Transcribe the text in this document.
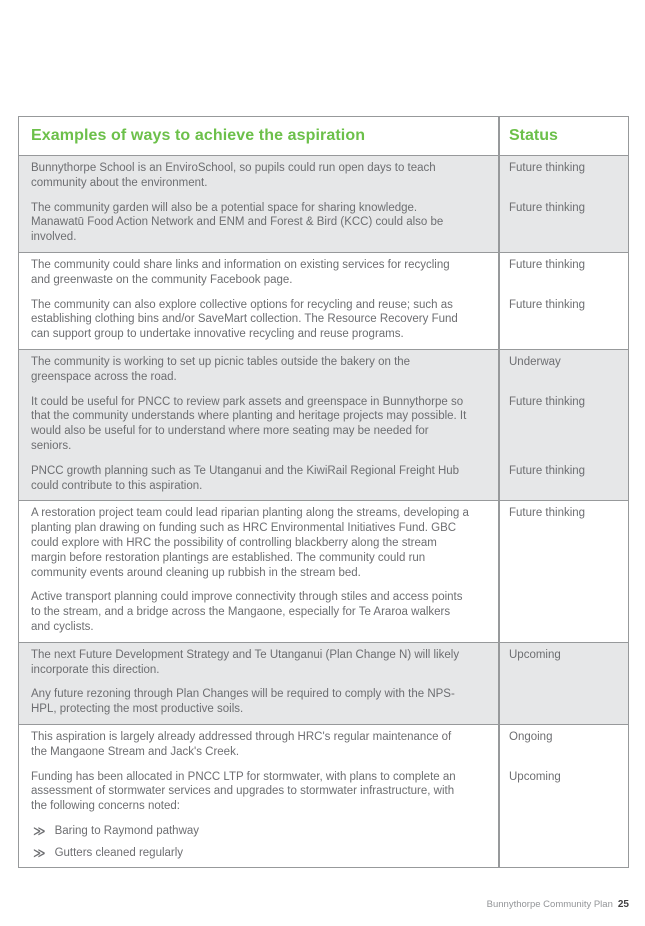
Examples of ways to achieve the aspiration	Status
Bunnythorpe School is an EnviroSchool, so pupils could run open days to teach community about the environment.
Future thinking
The community garden will also be a potential space for sharing knowledge. Manawatū Food Action Network and ENM and Forest & Bird (KCC) could also be involved.
Future thinking
The community could share links and information on existing services for recycling and greenwaste on the community Facebook page.
Future thinking
The community can also explore collective options for recycling and reuse; such as establishing clothing bins and/or SaveMart collection. The Resource Recovery Fund can support group to undertake innovative recycling and reuse programs.
Future thinking
The community is working to set up picnic tables outside the bakery on the greenspace across the road.
Underway
It could be useful for PNCC to review park assets and greenspace in Bunnythorpe so that the community understands where planting and heritage projects may possible. It would also be useful for to understand where more seating may be needed for seniors.
Future thinking
PNCC growth planning such as Te Utanganui and the KiwiRail Regional Freight Hub could contribute to this aspiration.
Future thinking
A restoration project team could lead riparian planting along the streams, developing a planting plan drawing on funding such as HRC Environmental Initiatives Fund. GBC could explore with HRC the possibility of controlling blackberry along the stream margin before restoration plantings are established. The community could run community events around cleaning up rubbish in the stream bed.
Future thinking
Active transport planning could improve connectivity through stiles and access points to the stream, and a bridge across the Mangaone, especially for Te Araroa walkers and cyclists.
The next Future Development Strategy and Te Utanganui (Plan Change N) will likely incorporate this direction.
Upcoming
Any future rezoning through Plan Changes will be required to comply with the NPS-HPL, protecting the most productive soils.
This aspiration is largely already addressed through HRC's regular maintenance of the Mangaone Stream and Jack's Creek.
Ongoing
Funding has been allocated in PNCC LTP for stormwater, with plans to complete an assessment of stormwater services and upgrades to stormwater infrastructure, with the following concerns noted:
Upcoming
≫ Baring to Raymond pathway
≫ Gutters cleaned regularly
Bunnythorpe Community Plan 25
